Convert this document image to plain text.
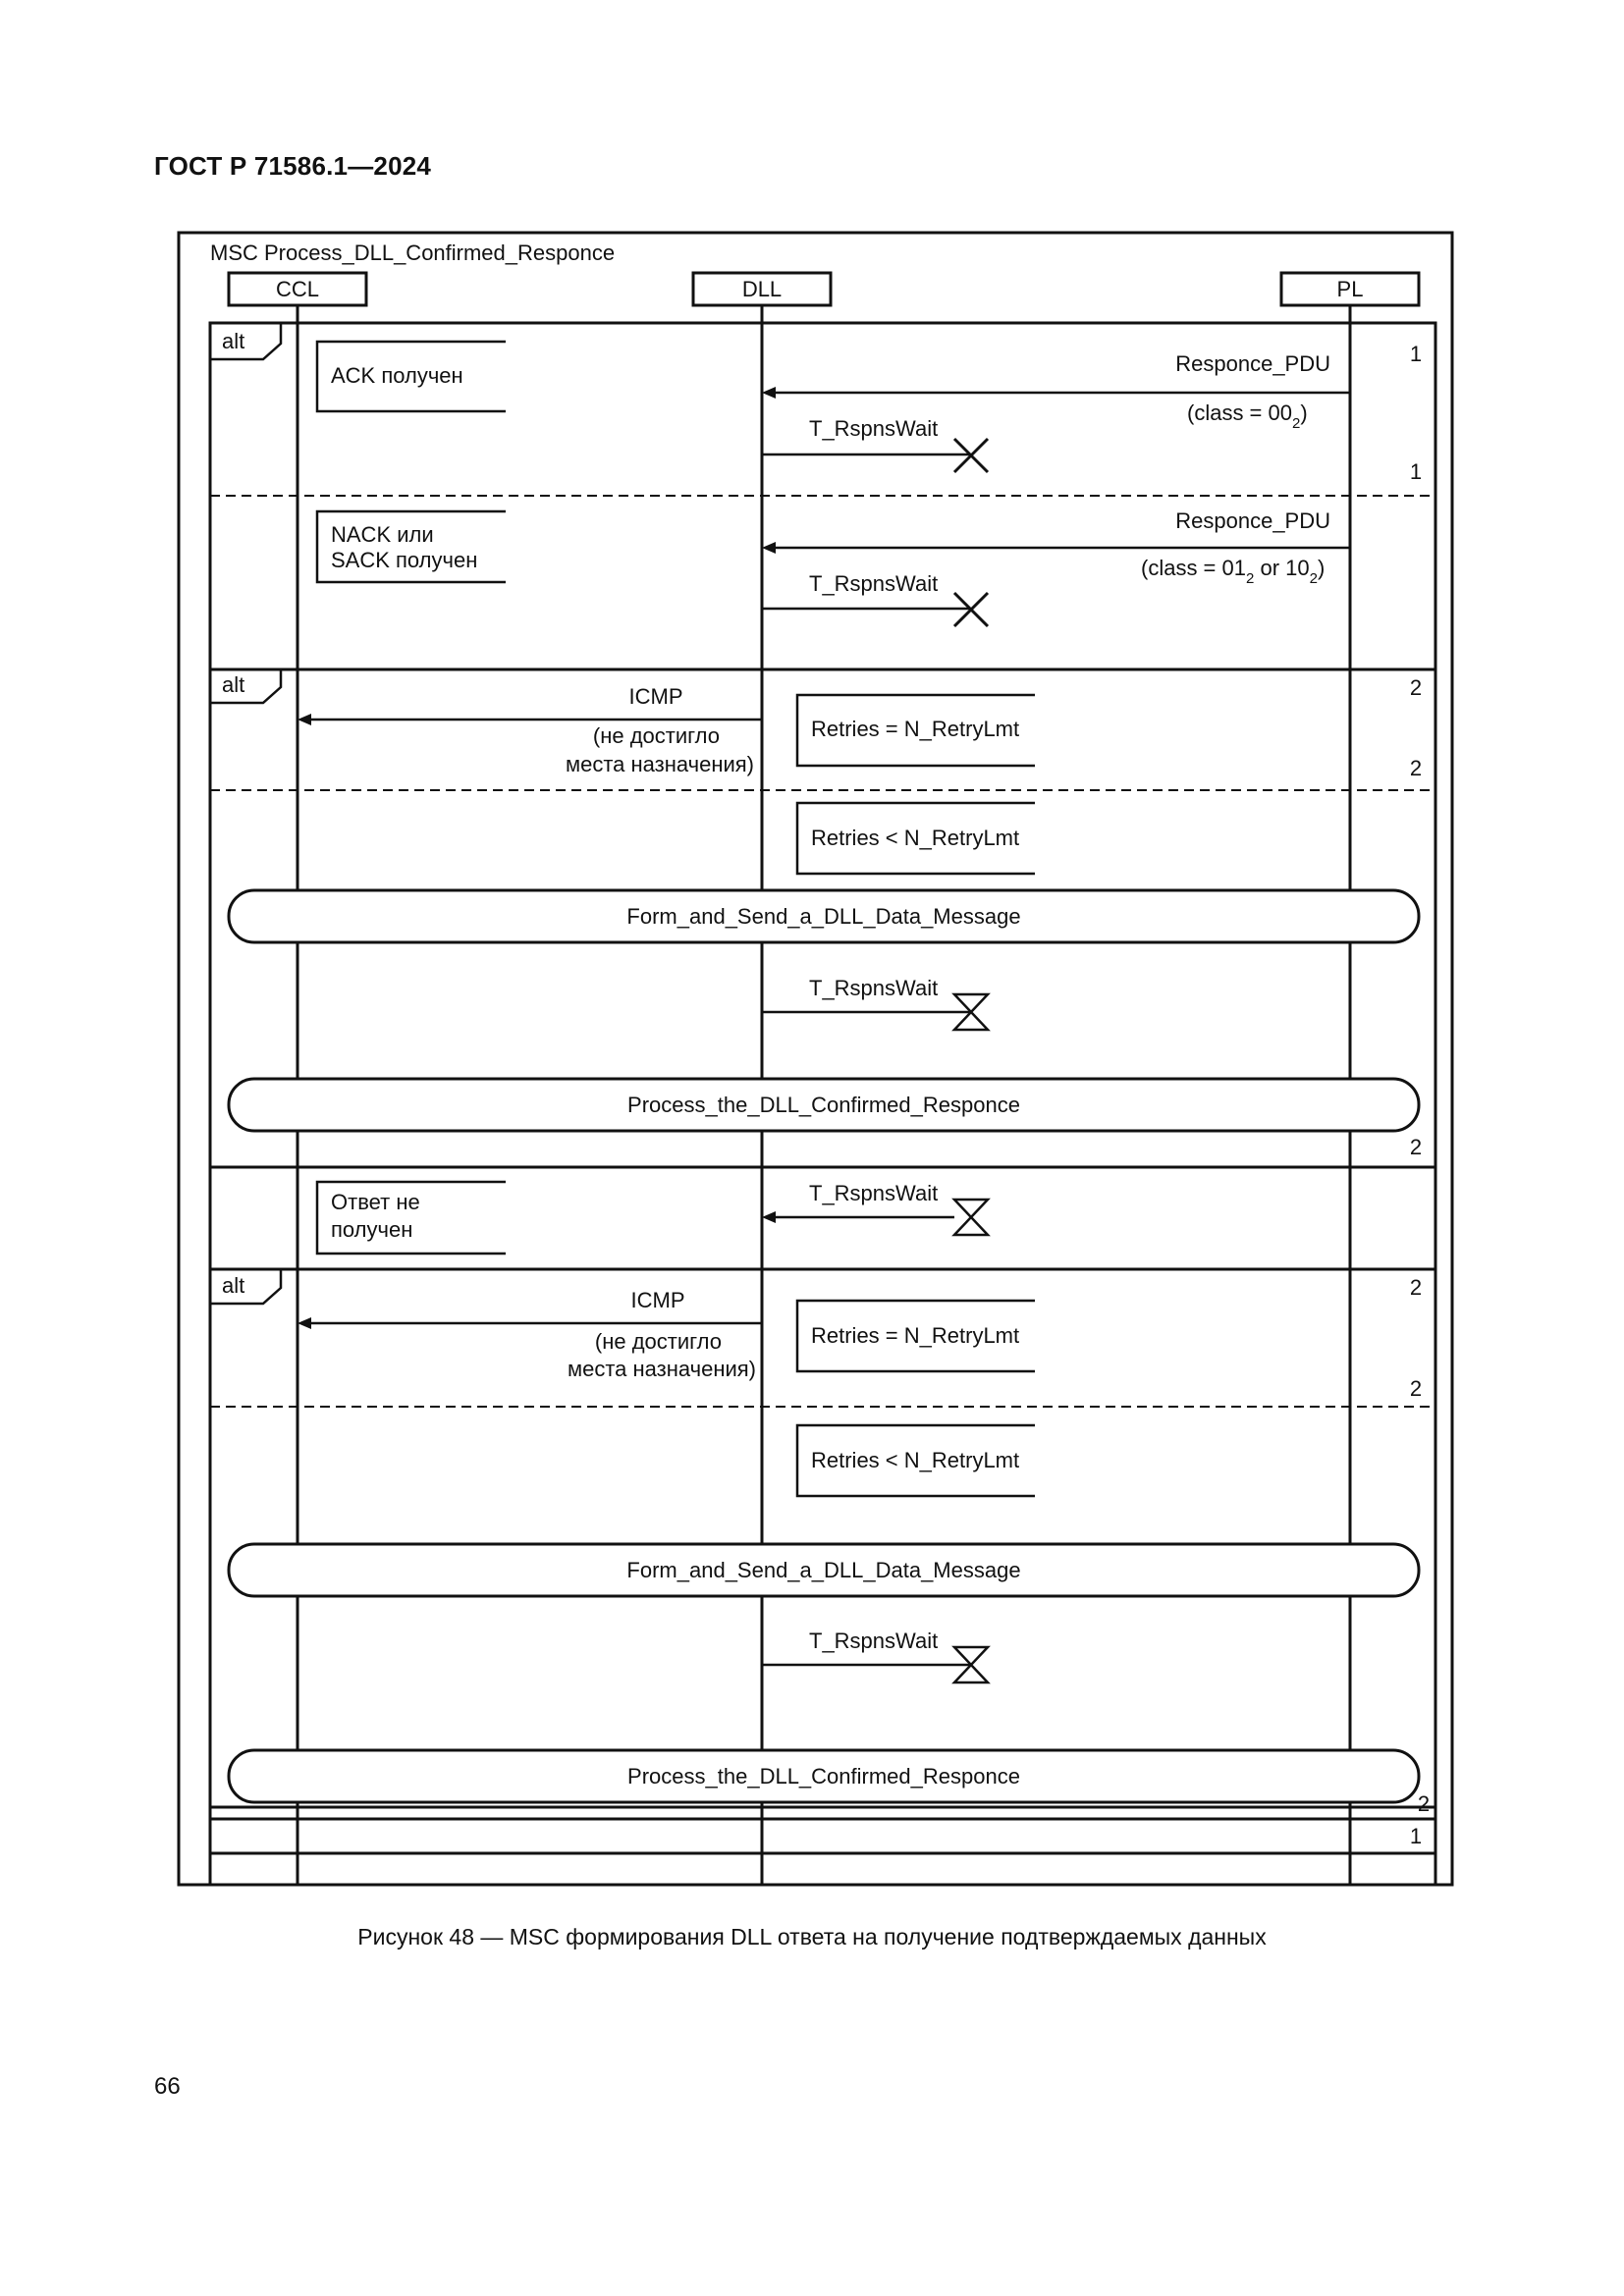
ГОСТ Р 71586.1—2024
MSC Process_DLL_Confirmed_Responce
CCL	DLL	PL
alt
ACK получен	Responce_PDU
(class = $00_2$)
T_RspnsWait
1
1
NACK или
SACK получен
Responce_PDU
(class = $01_2$ or $10_2$)
T_RspnsWait
alt	2
ICMP
(не достигло
места назначения)
Retries = N_RetryLmt
2
Retries < N_RetryLmt
Form_and_Send_a_DLL_Data_Message
T_RspnsWait
Process_the_DLL_Confirmed_Responce
2
Ответ не
получен
T_RspnsWait
alt	2
ICMP
(не достигло
места назначения)
Retries = N_RetryLmt
2
Retries < N_RetryLmt
Form_and_Send_a_DLL_Data_Message
T_RspnsWait
Process_the_DLL_Confirmed_Responce
2
1
Рисунок 48 — MSC формирования DLL ответа на получение подтверждаемых данных
66
